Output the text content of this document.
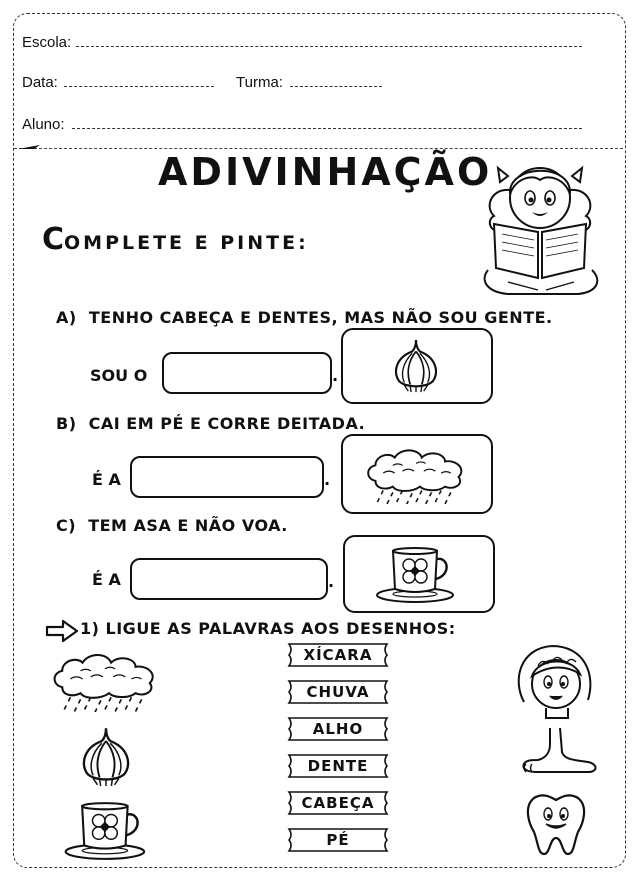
Escola:
Data:	Turma:
Aluno:
ADIVINHAÇÃO
COMPLETE E PINTE:
A) TENHO CABEÇA E DENTES, MAS NÃO SOU GENTE.
SOU O	.
B) CAI EM PÉ E CORRE DEITADA.
É A	.
C) TEM ASA E NÃO VOA.
É A	.
1) LIGUE AS PALAVRAS AOS DESENHOS:
XÍCARA
CHUVA
ALHO
DENTE
CABEÇA
PÉ
